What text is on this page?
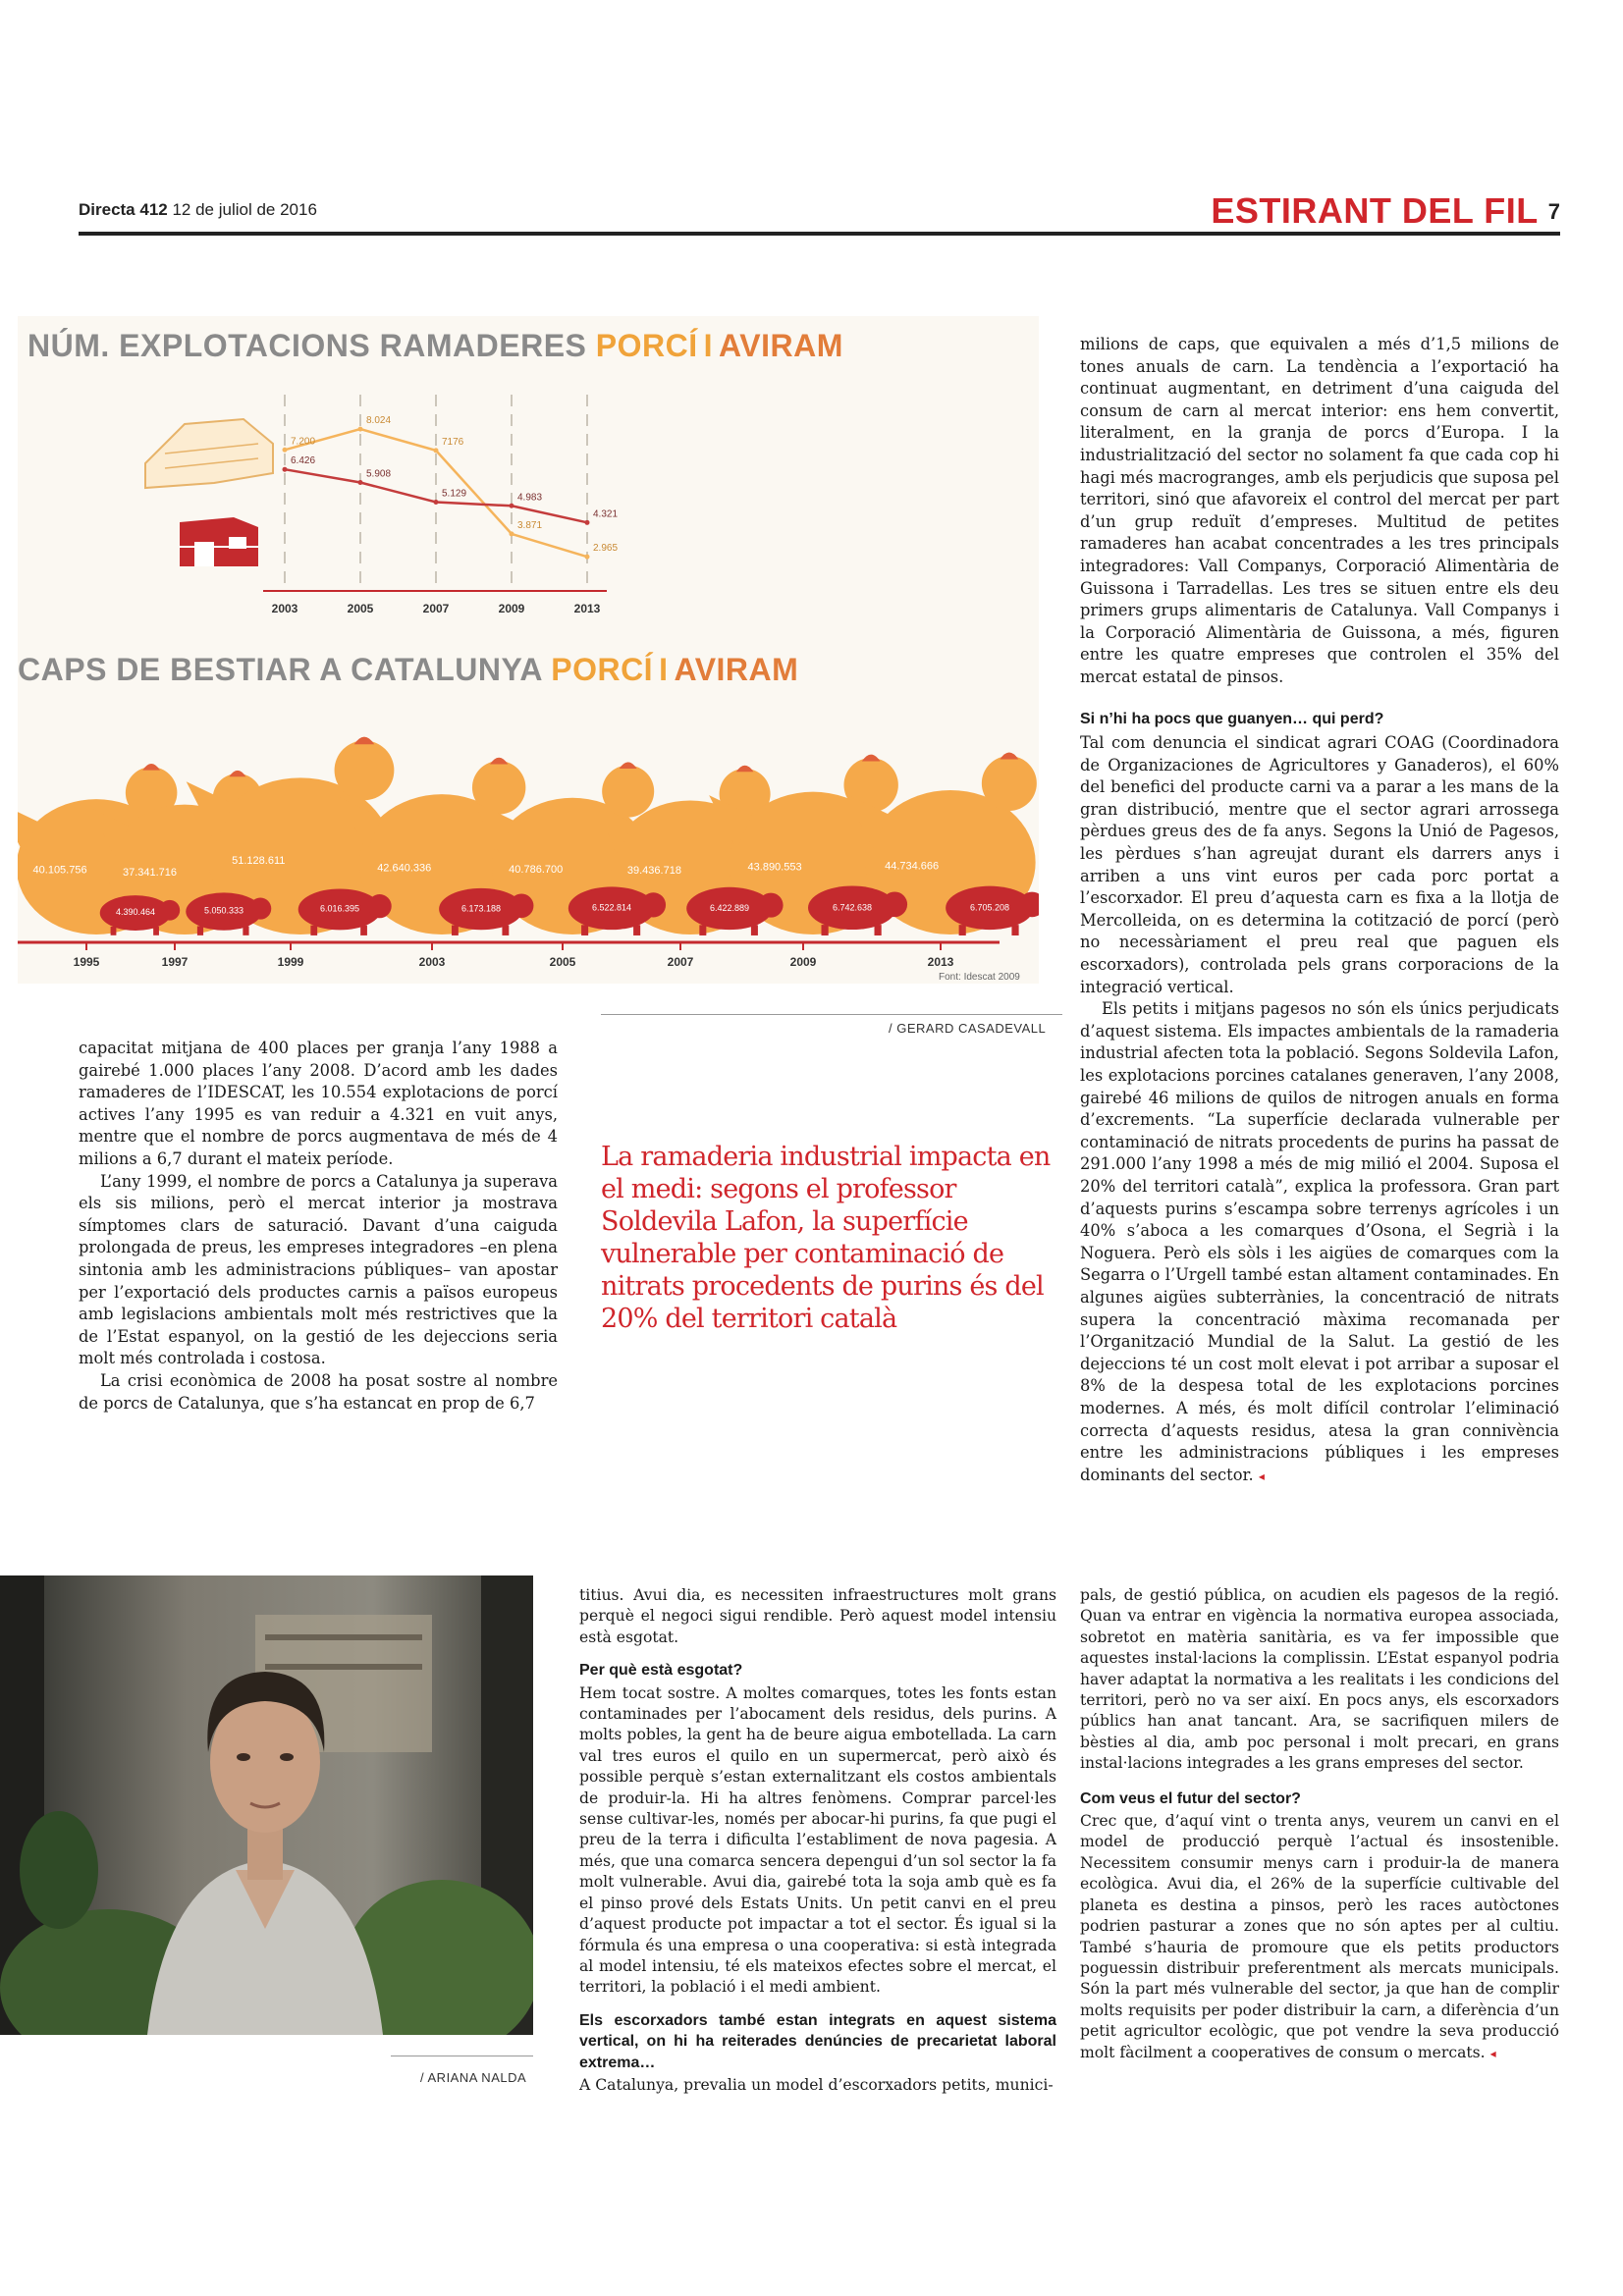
Directa 412 12 de juliol de 2016	ESTIRANT DEL FIL 7
NÚM. EXPLOTACIONS RAMADERES PORCÍ I AVIRAM
CAPS DE BESTIAR A CATALUNYA PORCÍ I AVIRAM
7.200
8.024
7176
3.871
2.965
6.426
5.908
5.129	4.983
4.321
2003	2005	2007	2009	2013
40.105.756	37.341.716
51.128.611
42.640.336	40.786.700	39.436.718	43.890.553	44.734.666
4.390.464	5.050.333	6.016.395	6.173.188	6.522.814	6.422.889	6.742.638	6.705.208
1995	1997	1999	2003	2005	2007	2009	2013
Font: Idescat 2009
/ GERARD CASADEVALL

capacitat mitjana de 400 places per granja l’any 1988 a gairebé 1.000 places l’any 2008. D’acord amb les dades ramaderes de l’IDESCAT, les 10.554 explotacions de porcí actives l’any 1995 es van reduir a 4.321 en vuit anys, mentre que el nombre de porcs augmentava de més de 4 milions a 6,7 durant el mateix període.

L’any 1999, el nombre de porcs a Catalunya ja superava els sis milions, però el mercat interior ja mostrava símptomes clars de saturació. Davant d’una caiguda prolongada de preus, les empreses integradores –en plena sintonia amb les administracions públiques– van apostar per l’exportació dels productes carnis a països europeus amb legislacions ambientals molt més restrictives que la de l’Estat espanyol, on la gestió de les dejeccions seria molt més controlada i costosa.

La crisi econòmica de 2008 ha posat sostre al nombre de porcs de Catalunya, que s’ha estancat en prop de 6,7

La ramaderia industrial impacta en el medi: segons el professor Soldevila Lafon, la superfície vulnerable per contaminació de nitrats procedents de purins és del 20% del territori català

milions de caps, que equivalen a més d’1,5 milions de tones anuals de carn. La tendència a l’exportació ha continuat augmentant, en detriment d’una caiguda del consum de carn al mercat interior: ens hem convertit, literalment, en la granja de porcs d’Europa. I la industrialització del sector no solament fa que cada cop hi hagi més macrogranges, amb els perjudicis que suposa pel territori, sinó que afavoreix el control del mercat per part d’un grup reduït d’empreses. Multitud de petites ramaderes han acabat concentrades a les tres principals integradores: Vall Companys, Corporació Alimentària de Guissona i Tarradellas. Les tres se situen entre els deu primers grups alimentaris de Catalunya. Vall Companys i la Corporació Alimentària de Guissona, a més, figuren entre les quatre empreses que controlen el 35% del mercat estatal de pinsos.

Si n’hi ha pocs que guanyen… qui perd?

Tal com denuncia el sindicat agrari COAG (Coordinadora de Organizaciones de Agricultores y Ganaderos), el 60% del benefici del producte carni va a parar a les mans de la gran distribució, mentre que el sector agrari arrossega pèrdues greus des de fa anys. Segons la Unió de Pagesos, les pèrdues s’han agreujat durant els darrers anys i arriben a uns vint euros per cada porc portat a l’escorxador. El preu d’aquesta carn es fixa a la llotja de Mercolleida, on es determina la cotització de porcí (però no necessàriament el preu real que paguen els escorxadors), controlada pels grans corporacions de la integració vertical.

Els petits i mitjans pagesos no són els únics perjudicats d’aquest sistema. Els impactes ambientals de la ramaderia industrial afecten tota la població. Segons Soldevila Lafon, les explotacions porcines catalanes generaven, l’any 2008, gairebé 46 milions de quilos de nitrogen anuals en forma d’excrements. “La superfície declarada vulnerable per contaminació de nitrats procedents de purins ha passat de 291.000 l’any 1998 a més de mig milió el 2004. Suposa el 20% del territori català”, explica la professora. Gran part d’aquests purins s’escampa sobre terrenys agrícoles i un 40% s’aboca a les comarques d’Osona, el Segrià i la Noguera. Però els sòls i les aigües de comarques com la Segarra o l’Urgell també estan altament contaminades. En algunes aigües subterrànies, la concentració de nitrats supera la concentració màxima recomanada per l’Organització Mundial de la Salut. La gestió de les dejeccions té un cost molt elevat i pot arribar a suposar el 8% de la despesa total de les explotacions porcines modernes. A més, és molt difícil controlar l’eliminació correcta d’aquests residus, atesa la gran connivència entre les administracions públiques i les empreses dominants del sector. ◂

/ ARIANA NALDA

titius. Avui dia, es necessiten infraestructures molt grans perquè el negoci sigui rendible. Però aquest model intensiu està esgotat.

Per què està esgotat?

Hem tocat sostre. A moltes comarques, totes les fonts estan contaminades per l’abocament dels residus, dels purins. A molts pobles, la gent ha de beure aigua embotellada. La carn val tres euros el quilo en un supermercat, però això és possible perquè s’estan externalitzant els costos ambientals de produir-la. Hi ha altres fenòmens. Comprar parcel·les sense cultivar-les, només per abocar-hi purins, fa que pugi el preu de la terra i dificulta l’establiment de nova pagesia. A més, que una comarca sencera depengui d’un sol sector la fa molt vulnerable. Avui dia, gairebé tota la soja amb què es fa el pinso prové dels Estats Units. Un petit canvi en el preu d’aquest producte pot impactar a tot el sector. És igual si la fórmula és una empresa o una cooperativa: si està integrada al model intensiu, té els mateixos efectes sobre el mercat, el territori, la població i el medi ambient.

Els escorxadors també estan integrats en aquest sistema vertical, on hi ha reiterades denúncies de precarietat laboral extrema…

A Catalunya, prevalia un model d’escorxadors petits, munici-

pals, de gestió pública, on acudien els pagesos de la regió. Quan va entrar en vigència la normativa europea associada, sobretot en matèria sanitària, es va fer impossible que aquestes instal·lacions la complissin. L’Estat espanyol podria haver adaptat la normativa a les realitats i les condicions del territori, però no va ser així. En pocs anys, els escorxadors públics han anat tancant. Ara, se sacrifiquen milers de bèsties al dia, amb poc personal i molt precari, en grans instal·lacions integrades a les grans empreses del sector.

Com veus el futur del sector?

Crec que, d’aquí vint o trenta anys, veurem un canvi en el model de producció perquè l’actual és insostenible. Necessitem consumir menys carn i produir-la de manera ecològica. Avui dia, el 26% de la superfície cultivable del planeta es destina a pinsos, però les races autòctones podrien pasturar a zones que no són aptes per al cultiu. També s’hauria de promoure que els petits productors poguessin distribuir preferentment als mercats municipals. Són la part més vulnerable del sector, ja que han de complir molts requisits per poder distribuir la carn, a diferència d’un petit agricultor ecològic, que pot vendre la seva producció molt fàcilment a cooperatives de consum o mercats. ◂
